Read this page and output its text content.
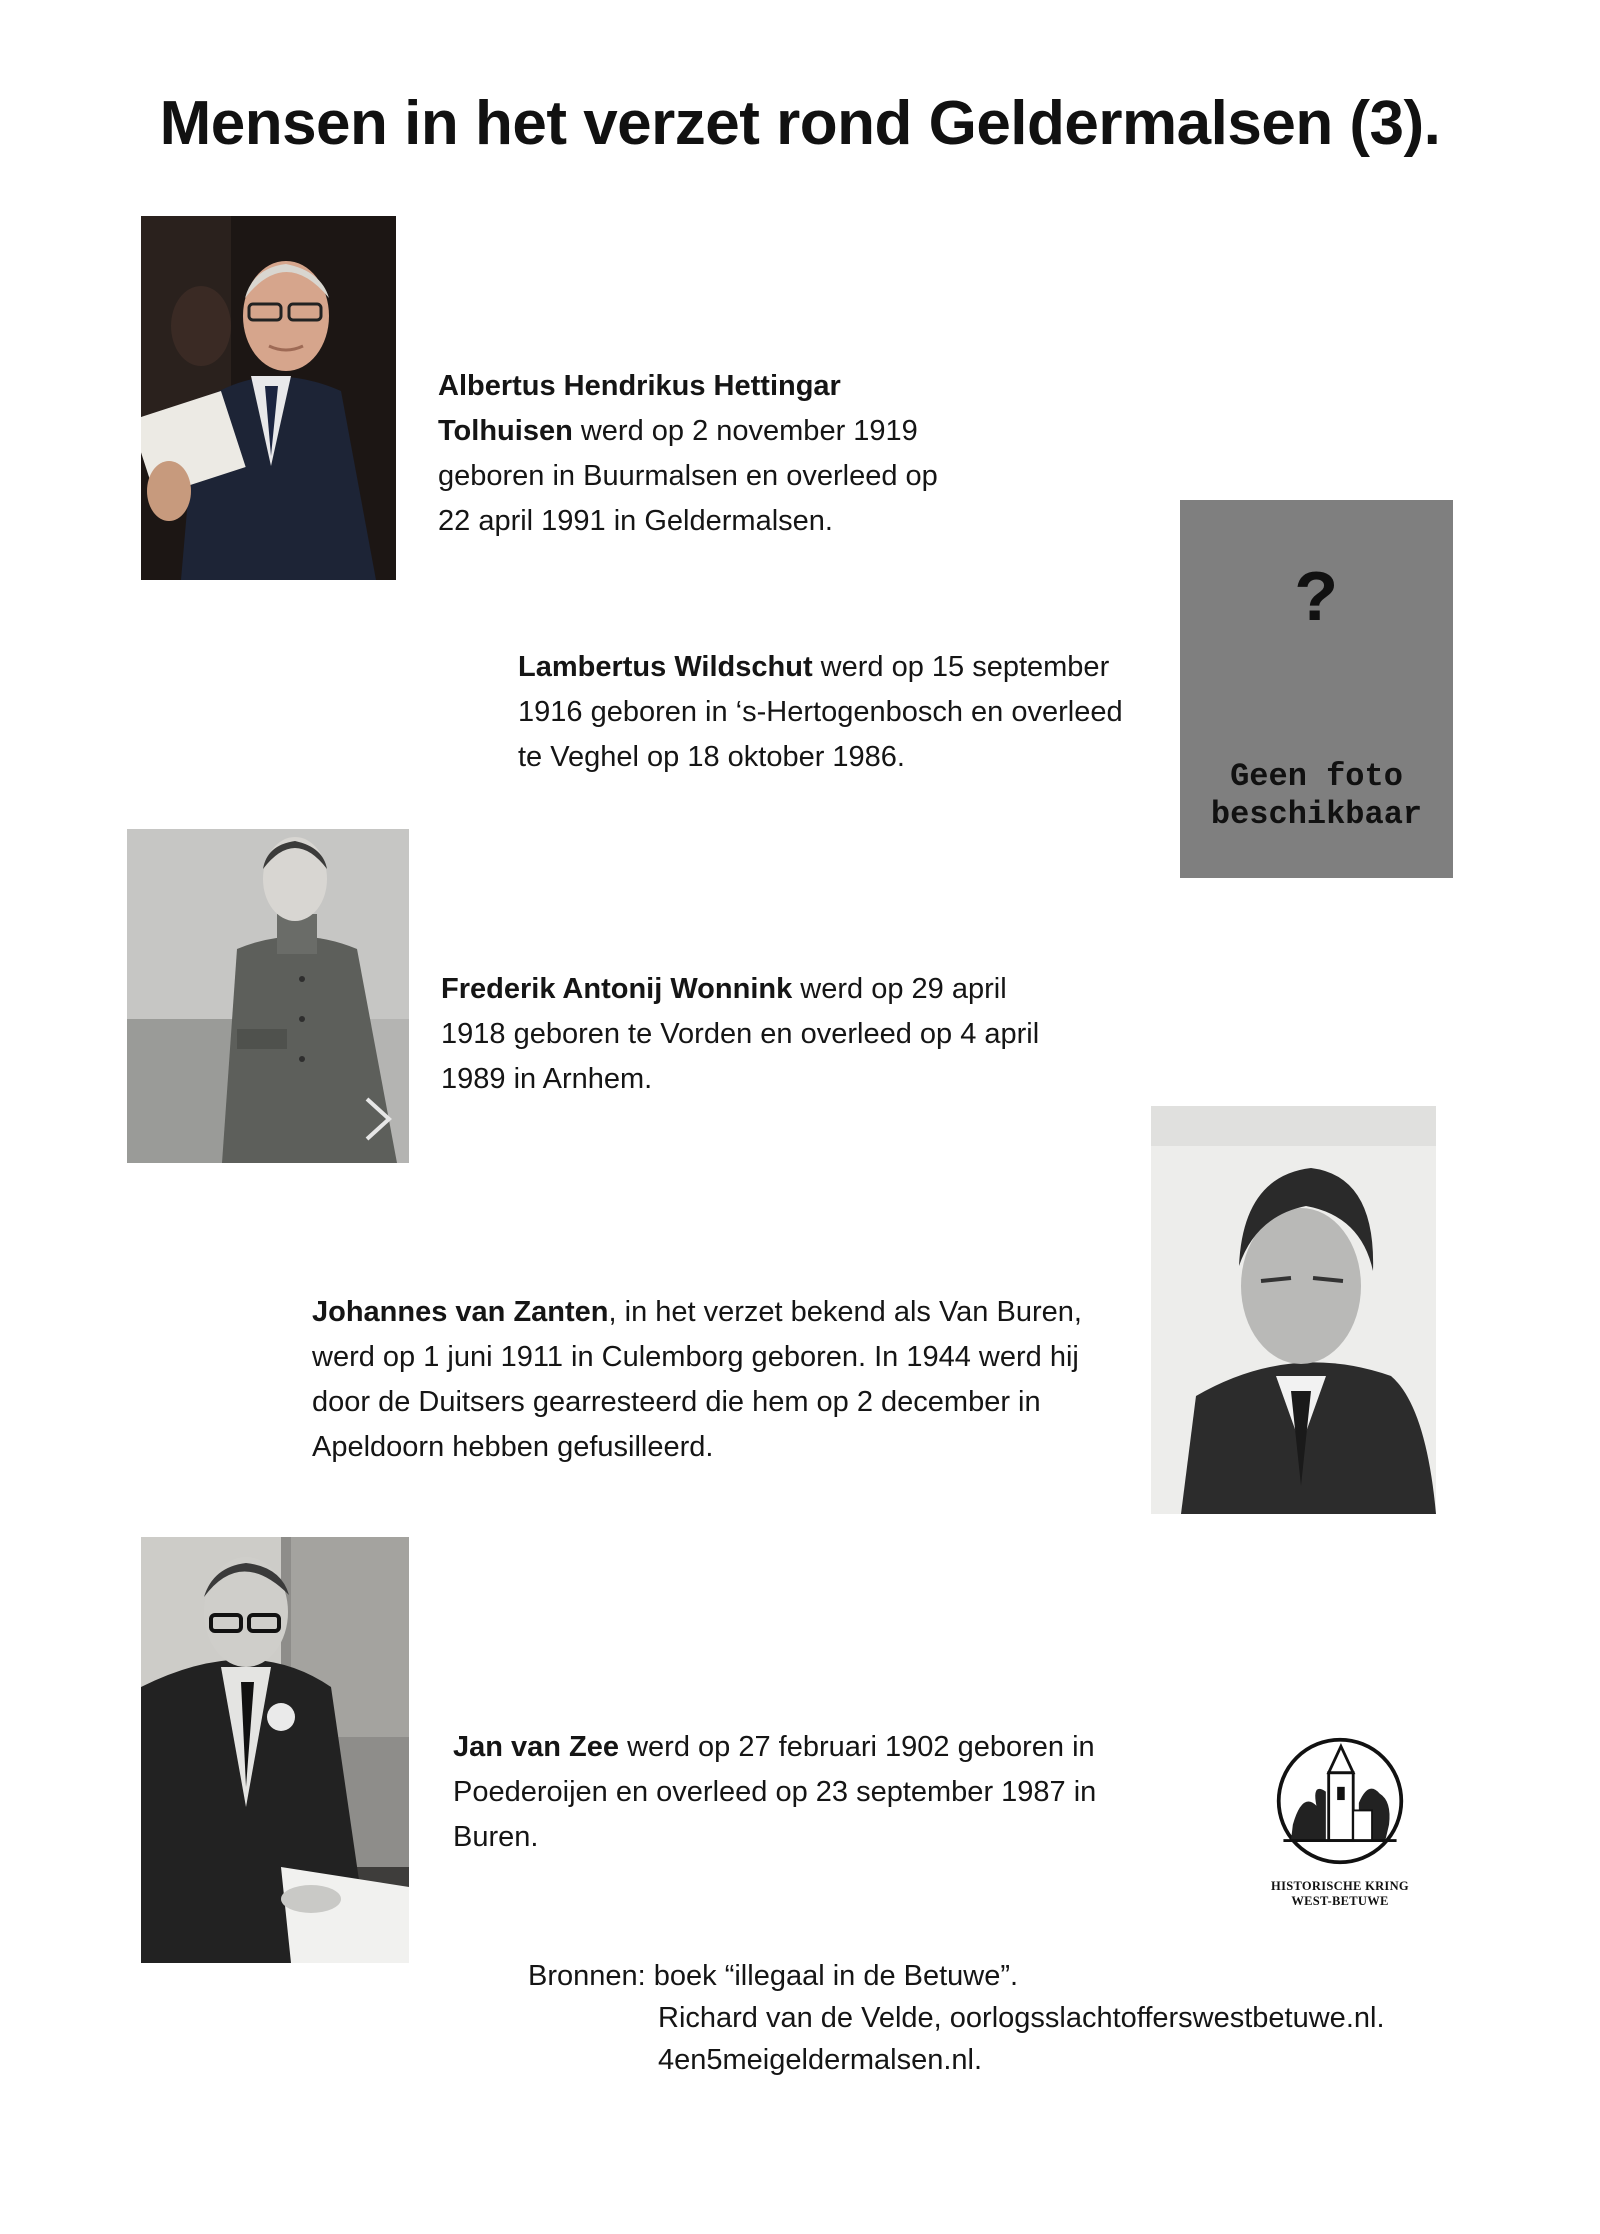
Mensen in het verzet rond Geldermalsen (3).
Albertus Hendrikus Hettingar
Tolhuisen werd op 2 november 1919
geboren in Buurmalsen en overleed op
22 april 1991 in Geldermalsen.
?
Geen foto
beschikbaar
Lambertus Wildschut werd op 15 september
1916 geboren in ‘s-Hertogenbosch en overleed
te Veghel op 18 oktober 1986.
Frederik Antonij Wonnink werd op 29 april
1918 geboren te Vorden en overleed op 4 april
1989 in Arnhem.
Johannes van Zanten, in het verzet bekend als Van Buren,
werd op 1 juni 1911 in Culemborg geboren. In 1944 werd hij
door de Duitsers gearresteerd die hem op 2 december in
Apeldoorn hebben gefusilleerd.
Jan van Zee werd op 27 februari 1902 geboren in
Poederoijen en overleed op 23 september 1987 in
Buren.
HISTORISCHE KRING
WEST-BETUWE
Bronnen: boek “illegaal in de Betuwe”.
Richard van de Velde, oorlogsslachtofferswestbetuwe.nl.
4en5meigeldermalsen.nl.
